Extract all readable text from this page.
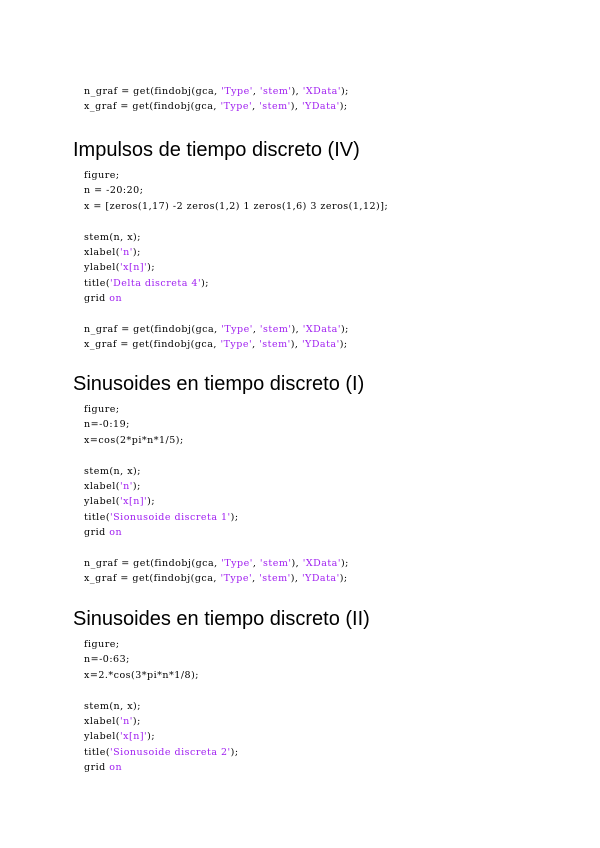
n_graf = get(findobj(gca, 'Type', 'stem'), 'XData');
x_graf = get(findobj(gca, 'Type', 'stem'), 'YData');
Impulsos de tiempo discreto (IV)
figure;
n = -20:20;
x = [zeros(1,17) -2 zeros(1,2) 1 zeros(1,6) 3 zeros(1,12)];
stem(n, x);
xlabel('n');
ylabel('x[n]');
title('Delta discreta 4');
grid on
n_graf = get(findobj(gca, 'Type', 'stem'), 'XData');
x_graf = get(findobj(gca, 'Type', 'stem'), 'YData');
Sinusoides en tiempo discreto (I)
figure;
n=-0:19;
x=cos(2*pi*n*1/5);
stem(n, x);
xlabel('n');
ylabel('x[n]');
title('Sionusoide discreta 1');
grid on
n_graf = get(findobj(gca, 'Type', 'stem'), 'XData');
x_graf = get(findobj(gca, 'Type', 'stem'), 'YData');
Sinusoides en tiempo discreto (II)
figure;
n=-0:63;
x=2.*cos(3*pi*n*1/8);
stem(n, x);
xlabel('n');
ylabel('x[n]');
title('Sionusoide discreta 2');
grid on
